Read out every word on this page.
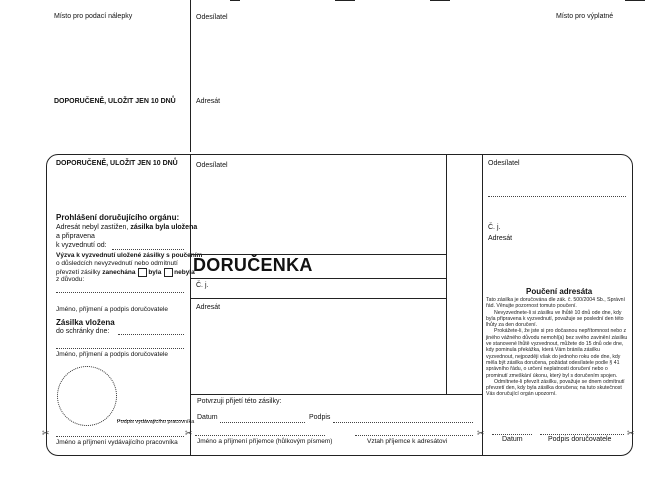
Místo pro podací nálepky	Odesílatel	Místo pro výplatné
DOPORUČENĚ, ULOŽIT JEN 10 DNŮ	Adresát
DOPORUČENĚ, ULOŽIT JEN 10 DNŮ
Prohlášení doručujícího orgánu:
Adresát nebyl zastižen, zásilka byla uložena
a připravena
k vyzvednutí od:
Výzva k vyzvednutí uložené zásilky s poučením
o důsledcích nevyzvednutí nebo odmítnutí
převzetí zásilky zanechána byla nebyla
z důvodu:
Jméno, příjmení a podpis doručovatele
Zásilka vložena
do schránky dne:
Jméno, příjmení a podpis doručovatele
Podpis vydávajícího pracovníka
Jméno a příjmení vydávajícího pracovníka
Odesílatel
DORUČENKA
Č. j.
Adresát
Potvrzuji přijetí této zásilky:
Datum	Podpis
Jméno a příjmení příjemce (hůlkovým písmem)	Vztah příjemce k adresátovi
Odesílatel
Č. j.
Adresát
Poučení adresáta
Tato zásilka je doručována dle zák. č. 500/2004 Sb., Správní řád. Věnujte pozornost tomuto poučení.
Nevyzvednete-li si zásilku ve lhůtě 10 dnů ode dne, kdy byla připravena k vyzvednutí, považuje se poslední den této lhůty za den doručení.
Prokážete-li, že jste si pro dočasnou nepřítomnost nebo z jiného vážného důvodu nemohl(a) bez svého zavinění zásilku ve stanovené lhůtě vyzvednout, můžete do 15 dnů ode dne, kdy pominula překážka, která Vám bránila zásilku vyzvednout, nejpozději však do jednoho roku ode dne, kdy měla být zásilka doručena, požádat odesílatele podle § 41 správního řádu, o určení neplatnosti doručení nebo o prominutí zmeškání úkonu, který byl s doručením spojen.
Odmítnete-li převzít zásilku, považuje se dnem odmítnutí převzetí den, kdy byla zásilka doručena; na tuto skutečnost Vás doručující orgán upozorní.
Datum	Podpis doručovatele
✂	✂	✂	✂
